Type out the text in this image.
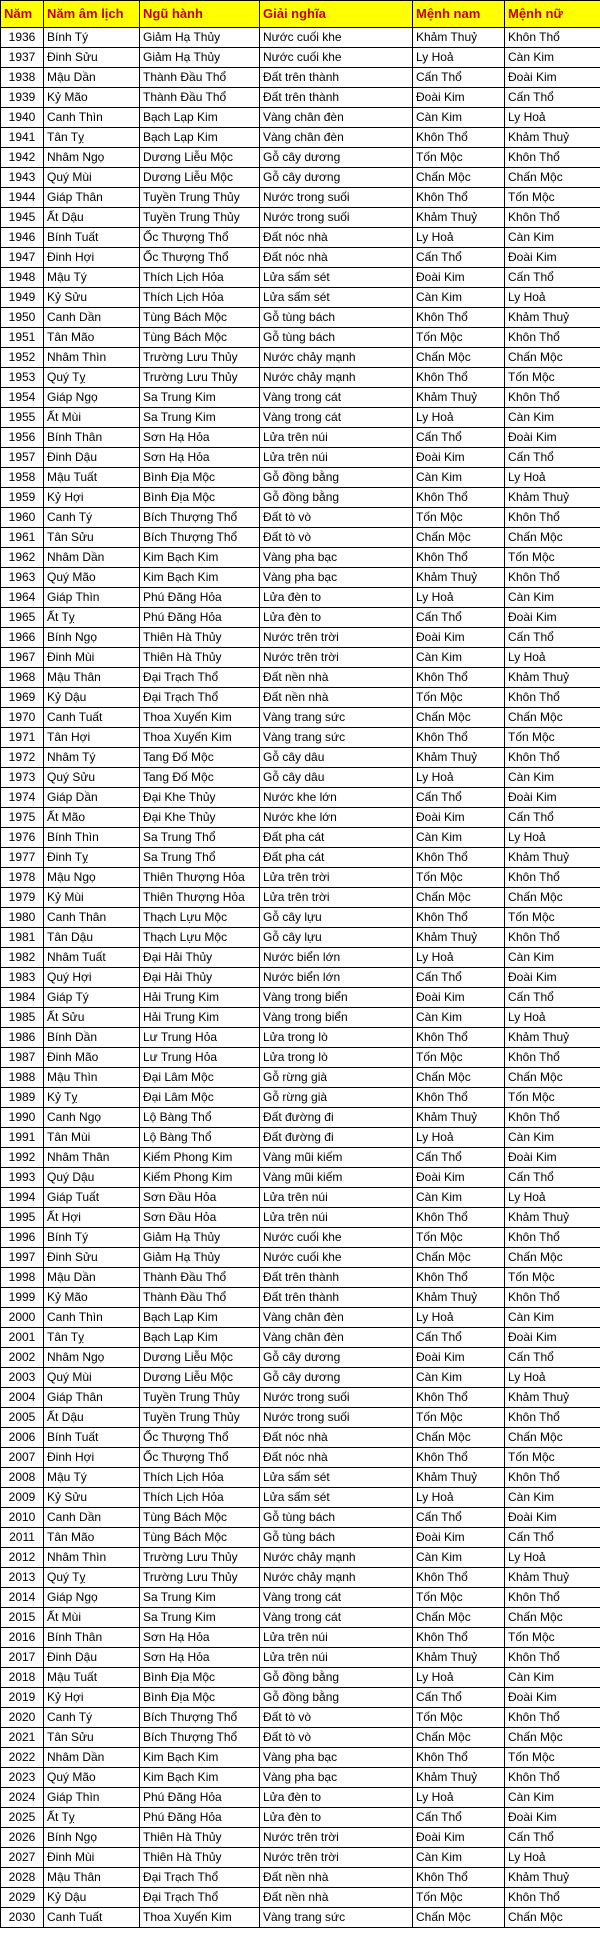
Năm	Năm âm lịch	Ngũ hành	Giải nghĩa	Mệnh nam	Mệnh nữ
1936	Bính Tý	Giảm Hạ Thủy	Nước cuối khe	Khảm Thuỷ	Khôn Thổ
1937	Đinh Sửu	Giảm Hạ Thủy	Nước cuối khe	Ly Hoả	Càn Kim
1938	Mậu Dần	Thành Đầu Thổ	Đất trên thành	Cấn Thổ	Đoài Kim
1939	Kỷ Mão	Thành Đầu Thổ	Đất trên thành	Đoài Kim	Cấn Thổ
1940	Canh Thìn	Bạch Lạp Kim	Vàng chân đèn	Càn Kim	Ly Hoả
1941	Tân Tỵ	Bạch Lạp Kim	Vàng chân đèn	Khôn Thổ	Khảm Thuỷ
1942	Nhâm Ngọ	Dương Liễu Mộc	Gỗ cây dương	Tốn Mộc	Khôn Thổ
1943	Quý Mùi	Dương Liễu Mộc	Gỗ cây dương	Chấn Mộc	Chấn Mộc
1944	Giáp Thân	Tuyền Trung Thủy	Nước trong suối	Khôn Thổ	Tốn Mộc
1945	Ất Dậu	Tuyền Trung Thủy	Nước trong suối	Khảm Thuỷ	Khôn Thổ
1946	Bính Tuất	Ốc Thượng Thổ	Đất nóc nhà	Ly Hoả	Càn Kim
1947	Đinh Hợi	Ốc Thượng Thổ	Đất nóc nhà	Cấn Thổ	Đoài Kim
1948	Mậu Tý	Thích Lịch Hỏa	Lửa sấm sét	Đoài Kim	Cấn Thổ
1949	Kỷ Sửu	Thích Lịch Hỏa	Lửa sấm sét	Càn Kim	Ly Hoả
1950	Canh Dần	Tùng Bách Mộc	Gỗ tùng bách	Khôn Thổ	Khảm Thuỷ
1951	Tân Mão	Tùng Bách Mộc	Gỗ tùng bách	Tốn Mộc	Khôn Thổ
1952	Nhâm Thìn	Trường Lưu Thủy	Nước chảy mạnh	Chấn Mộc	Chấn Mộc
1953	Quý Tỵ	Trường Lưu Thủy	Nước chảy mạnh	Khôn Thổ	Tốn Mộc
1954	Giáp Ngọ	Sa Trung Kim	Vàng trong cát	Khảm Thuỷ	Khôn Thổ
1955	Ất Mùi	Sa Trung Kim	Vàng trong cát	Ly Hoả	Càn Kim
1956	Bính Thân	Sơn Hạ Hỏa	Lửa trên núi	Cấn Thổ	Đoài Kim
1957	Đinh Dậu	Sơn Hạ Hỏa	Lửa trên núi	Đoài Kim	Cấn Thổ
1958	Mậu Tuất	Bình Địa Mộc	Gỗ đồng bằng	Càn Kim	Ly Hoả
1959	Kỷ Hợi	Bình Địa Mộc	Gỗ đồng bằng	Khôn Thổ	Khảm Thuỷ
1960	Canh Tý	Bích Thượng Thổ	Đất tò vò	Tốn Mộc	Khôn Thổ
1961	Tân Sửu	Bích Thượng Thổ	Đất tò vò	Chấn Mộc	Chấn Mộc
1962	Nhâm Dần	Kim Bạch Kim	Vàng pha bạc	Khôn Thổ	Tốn Mộc
1963	Quý Mão	Kim Bạch Kim	Vàng pha bạc	Khảm Thuỷ	Khôn Thổ
1964	Giáp Thìn	Phú Đăng Hỏa	Lửa đèn to	Ly Hoả	Càn Kim
1965	Ất Tỵ	Phú Đăng Hỏa	Lửa đèn to	Cấn Thổ	Đoài Kim
1966	Bính Ngọ	Thiên Hà Thủy	Nước trên trời	Đoài Kim	Cấn Thổ
1967	Đinh Mùi	Thiên Hà Thủy	Nước trên trời	Càn Kim	Ly Hoả
1968	Mậu Thân	Đại Trạch Thổ	Đất nền nhà	Khôn Thổ	Khảm Thuỷ
1969	Kỷ Dậu	Đại Trạch Thổ	Đất nền nhà	Tốn Mộc	Khôn Thổ
1970	Canh Tuất	Thoa Xuyến Kim	Vàng trang sức	Chấn Mộc	Chấn Mộc
1971	Tân Hợi	Thoa Xuyến Kim	Vàng trang sức	Khôn Thổ	Tốn Mộc
1972	Nhâm Tý	Tang Đố Mộc	Gỗ cây dâu	Khảm Thuỷ	Khôn Thổ
1973	Quý Sửu	Tang Đố Mộc	Gỗ cây dâu	Ly Hoả	Càn Kim
1974	Giáp Dần	Đại Khe Thủy	Nước khe lớn	Cấn Thổ	Đoài Kim
1975	Ất Mão	Đại Khe Thủy	Nước khe lớn	Đoài Kim	Cấn Thổ
1976	Bính Thìn	Sa Trung Thổ	Đất pha cát	Càn Kim	Ly Hoả
1977	Đinh Tỵ	Sa Trung Thổ	Đất pha cát	Khôn Thổ	Khảm Thuỷ
1978	Mậu Ngọ	Thiên Thượng Hỏa	Lửa trên trời	Tốn Mộc	Khôn Thổ
1979	Kỷ Mùi	Thiên Thượng Hỏa	Lửa trên trời	Chấn Mộc	Chấn Mộc
1980	Canh Thân	Thạch Lựu Mộc	Gỗ cây lựu	Khôn Thổ	Tốn Mộc
1981	Tân Dậu	Thạch Lựu Mộc	Gỗ cây lựu	Khảm Thuỷ	Khôn Thổ
1982	Nhâm Tuất	Đại Hải Thủy	Nước biển lớn	Ly Hoả	Càn Kim
1983	Quý Hợi	Đại Hải Thủy	Nước biển lớn	Cấn Thổ	Đoài Kim
1984	Giáp Tý	Hải Trung Kim	Vàng trong biển	Đoài Kim	Cấn Thổ
1985	Ất Sửu	Hải Trung Kim	Vàng trong biển	Càn Kim	Ly Hoả
1986	Bính Dần	Lư Trung Hỏa	Lửa trong lò	Khôn Thổ	Khảm Thuỷ
1987	Đinh Mão	Lư Trung Hỏa	Lửa trong lò	Tốn Mộc	Khôn Thổ
1988	Mậu Thìn	Đại Lâm Mộc	Gỗ rừng già	Chấn Mộc	Chấn Mộc
1989	Kỷ Tỵ	Đại Lâm Mộc	Gỗ rừng già	Khôn Thổ	Tốn Mộc
1990	Canh Ngọ	Lộ Bàng Thổ	Đất đường đi	Khảm Thuỷ	Khôn Thổ
1991	Tân Mùi	Lộ Bàng Thổ	Đất đường đi	Ly Hoả	Càn Kim
1992	Nhâm Thân	Kiếm Phong Kim	Vàng mũi kiếm	Cấn Thổ	Đoài Kim
1993	Quý Dậu	Kiếm Phong Kim	Vàng mũi kiếm	Đoài Kim	Cấn Thổ
1994	Giáp Tuất	Sơn Đầu Hỏa	Lửa trên núi	Càn Kim	Ly Hoả
1995	Ất Hợi	Sơn Đầu Hỏa	Lửa trên núi	Khôn Thổ	Khảm Thuỷ
1996	Bính Tý	Giảm Hạ Thủy	Nước cuối khe	Tốn Mộc	Khôn Thổ
1997	Đinh Sửu	Giảm Hạ Thủy	Nước cuối khe	Chấn Mộc	Chấn Mộc
1998	Mậu Dần	Thành Đầu Thổ	Đất trên thành	Khôn Thổ	Tốn Mộc
1999	Kỷ Mão	Thành Đầu Thổ	Đất trên thành	Khảm Thuỷ	Khôn Thổ
2000	Canh Thìn	Bạch Lạp Kim	Vàng chân đèn	Ly Hoả	Càn Kim
2001	Tân Tỵ	Bạch Lạp Kim	Vàng chân đèn	Cấn Thổ	Đoài Kim
2002	Nhâm Ngọ	Dương Liễu Mộc	Gỗ cây dương	Đoài Kim	Cấn Thổ
2003	Quý Mùi	Dương Liễu Mộc	Gỗ cây dương	Càn Kim	Ly Hoả
2004	Giáp Thân	Tuyền Trung Thủy	Nước trong suối	Khôn Thổ	Khảm Thuỷ
2005	Ất Dậu	Tuyền Trung Thủy	Nước trong suối	Tốn Mộc	Khôn Thổ
2006	Bính Tuất	Ốc Thượng Thổ	Đất nóc nhà	Chấn Mộc	Chấn Mộc
2007	Đinh Hợi	Ốc Thượng Thổ	Đất nóc nhà	Khôn Thổ	Tốn Mộc
2008	Mậu Tý	Thích Lịch Hỏa	Lửa sấm sét	Khảm Thuỷ	Khôn Thổ
2009	Kỷ Sửu	Thích Lịch Hỏa	Lửa sấm sét	Ly Hoả	Càn Kim
2010	Canh Dần	Tùng Bách Mộc	Gỗ tùng bách	Cấn Thổ	Đoài Kim
2011	Tân Mão	Tùng Bách Mộc	Gỗ tùng bách	Đoài Kim	Cấn Thổ
2012	Nhâm Thìn	Trường Lưu Thủy	Nước chảy mạnh	Càn Kim	Ly Hoả
2013	Quý Tỵ	Trường Lưu Thủy	Nước chảy mạnh	Khôn Thổ	Khảm Thuỷ
2014	Giáp Ngọ	Sa Trung Kim	Vàng trong cát	Tốn Mộc	Khôn Thổ
2015	Ất Mùi	Sa Trung Kim	Vàng trong cát	Chấn Mộc	Chấn Mộc
2016	Bính Thân	Sơn Hạ Hỏa	Lửa trên núi	Khôn Thổ	Tốn Mộc
2017	Đinh Dậu	Sơn Hạ Hỏa	Lửa trên núi	Khảm Thuỷ	Khôn Thổ
2018	Mậu Tuất	Bình Địa Mộc	Gỗ đồng bằng	Ly Hoả	Càn Kim
2019	Kỷ Hợi	Bình Địa Mộc	Gỗ đồng bằng	Cấn Thổ	Đoài Kim
2020	Canh Tý	Bích Thượng Thổ	Đất tò vò	Tốn Mộc	Khôn Thổ
2021	Tân Sửu	Bích Thượng Thổ	Đất tò vò	Chấn Mộc	Chấn Mộc
2022	Nhâm Dần	Kim Bạch Kim	Vàng pha bạc	Khôn Thổ	Tốn Mộc
2023	Quý Mão	Kim Bạch Kim	Vàng pha bạc	Khảm Thuỷ	Khôn Thổ
2024	Giáp Thìn	Phú Đăng Hỏa	Lửa đèn to	Ly Hoả	Càn Kim
2025	Ất Tỵ	Phú Đăng Hỏa	Lửa đèn to	Cấn Thổ	Đoài Kim
2026	Bính Ngọ	Thiên Hà Thủy	Nước trên trời	Đoài Kim	Cấn Thổ
2027	Đinh Mùi	Thiên Hà Thủy	Nước trên trời	Càn Kim	Ly Hoả
2028	Mậu Thân	Đại Trạch Thổ	Đất nền nhà	Khôn Thổ	Khảm Thuỷ
2029	Kỷ Dậu	Đại Trạch Thổ	Đất nền nhà	Tốn Mộc	Khôn Thổ
2030	Canh Tuất	Thoa Xuyến Kim	Vàng trang sức	Chấn Mộc	Chấn Mộc
